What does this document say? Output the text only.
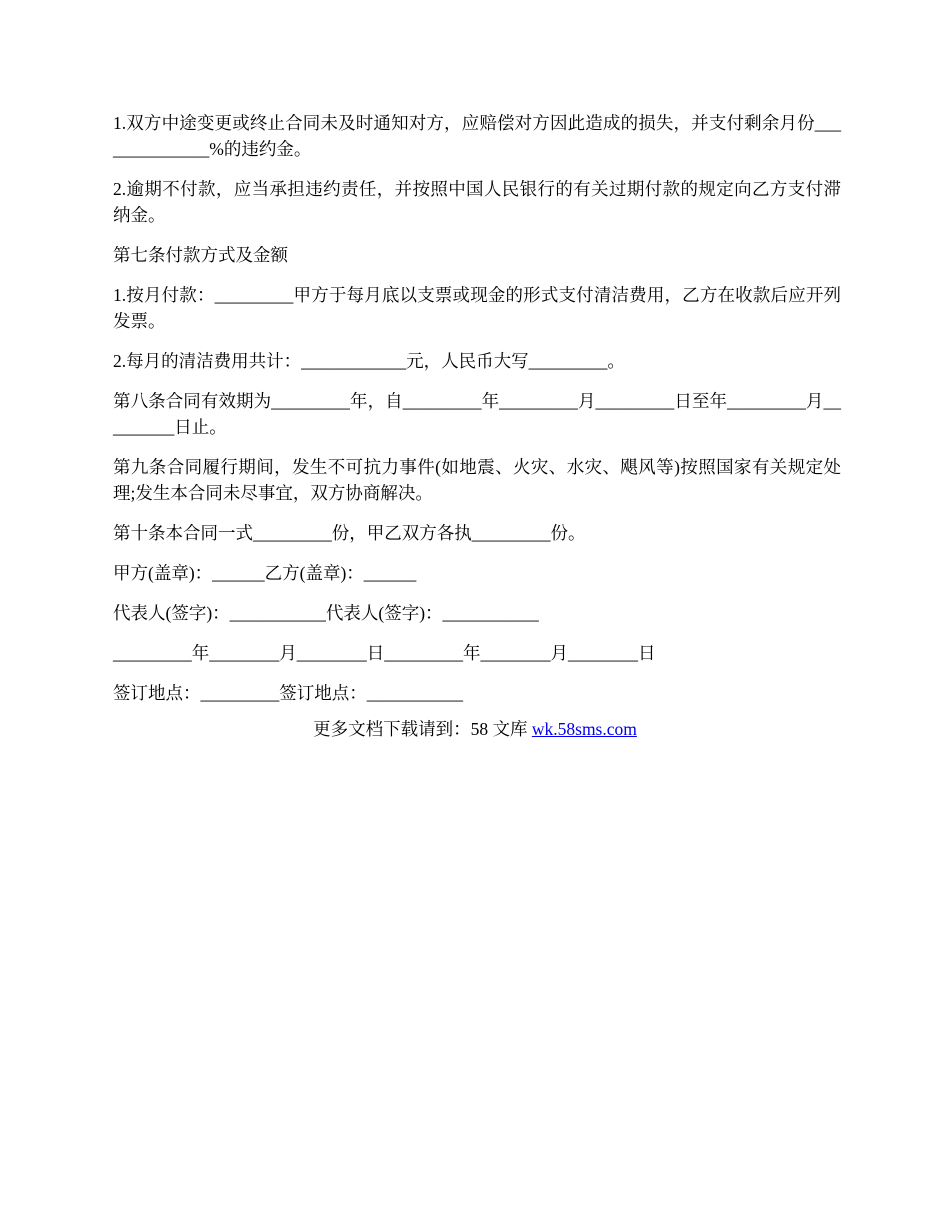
1.双方中途变更或终止合同未及时通知对方，应赔偿对方因此造成的损失，并支付剩余月份______________%的违约金。

2.逾期不付款，应当承担违约责任，并按照中国人民银行的有关过期付款的规定向乙方支付滞纳金。

第七条付款方式及金额

1.按月付款：_________甲方于每月底以支票或现金的形式支付清洁费用，乙方在收款后应开列发票。

2.每月的清洁费用共计：____________元，人民币大写_________。

第八条合同有效期为_________年，自_________年_________月_________日至年_________月_________日止。

第九条合同履行期间，发生不可抗力事件(如地震、火灾、水灾、飓风等)按照国家有关规定处理;发生本合同未尽事宜，双方协商解决。

第十条本合同一式_________份，甲乙双方各执_________份。

甲方(盖章)：______乙方(盖章)：______

代表人(签字)：___________代表人(签字)：___________

_________年________月________日_________年________月________日

签订地点：_________签订地点：___________

更多文档下载请到：58 文库 wk.58sms.com
